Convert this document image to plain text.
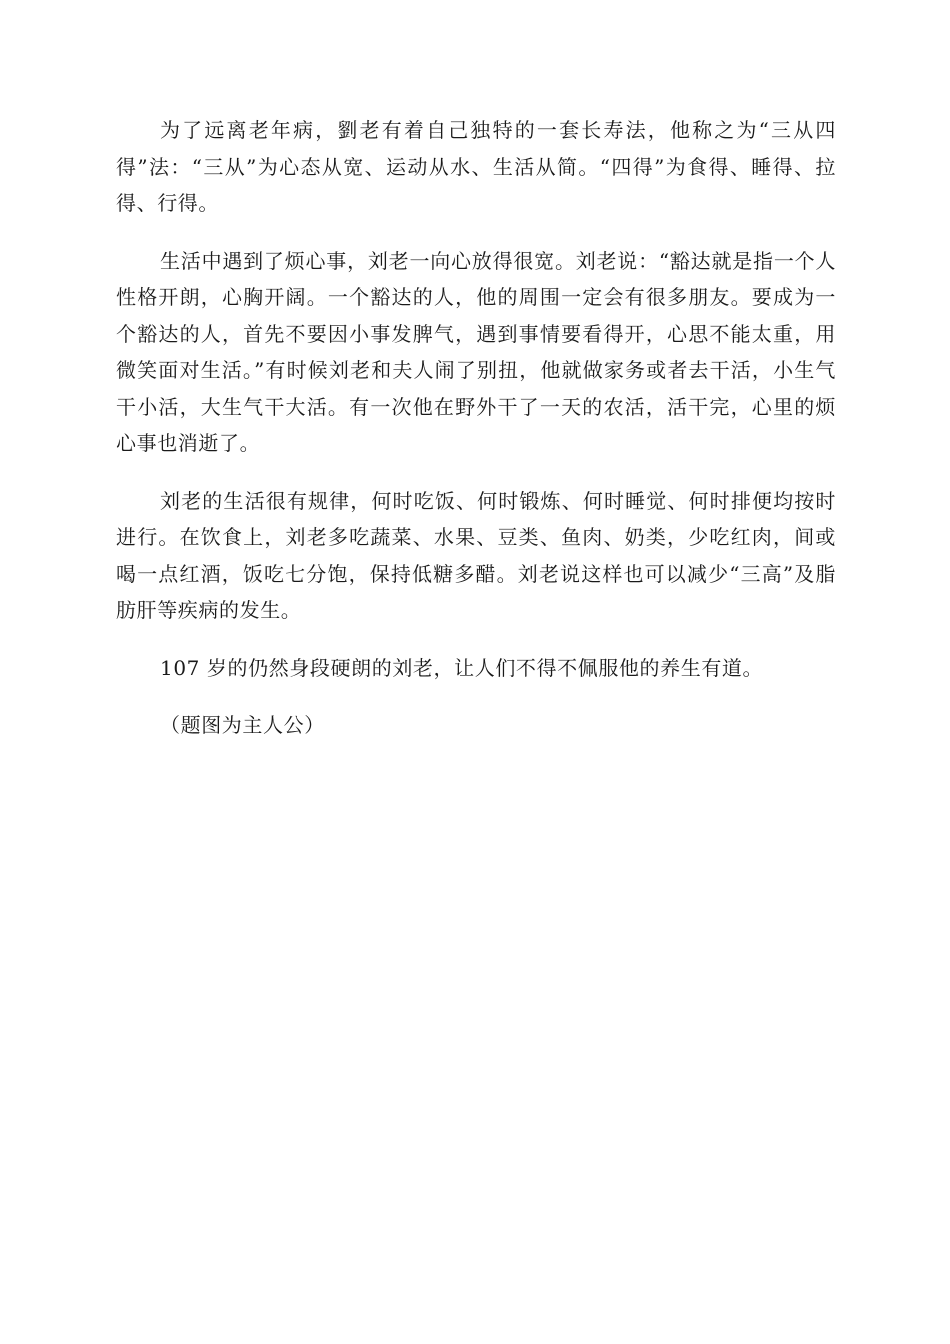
为了远离老年病，劉老有着自己独特的一套长寿法，他称之为“三从四得”法：“三从”为心态从宽、运动从水、生活从简。“四得”为食得、睡得、拉得、行得。

生活中遇到了烦心事，刘老一向心放得很宽。刘老说：“豁达就是指一个人性格开朗，心胸开阔。一个豁达的人，他的周围一定会有很多朋友。要成为一个豁达的人，首先不要因小事发脾气，遇到事情要看得开，心思不能太重，用微笑面对生活。”有时候刘老和夫人闹了别扭，他就做家务或者去干活，小生气干小活，大生气干大活。有一次他在野外干了一天的农活，活干完，心里的烦心事也消逝了。

刘老的生活很有规律，何时吃饭、何时锻炼、何时睡觉、何时排便均按时进行。在饮食上，刘老多吃蔬菜、水果、豆类、鱼肉、奶类，少吃红肉，间或喝一点红酒，饭吃七分饱，保持低糖多醋。刘老说这样也可以减少“三高”及脂肪肝等疾病的发生。

107 岁的仍然身段硬朗的刘老，让人们不得不佩服他的养生有道。

（题图为主人公）
